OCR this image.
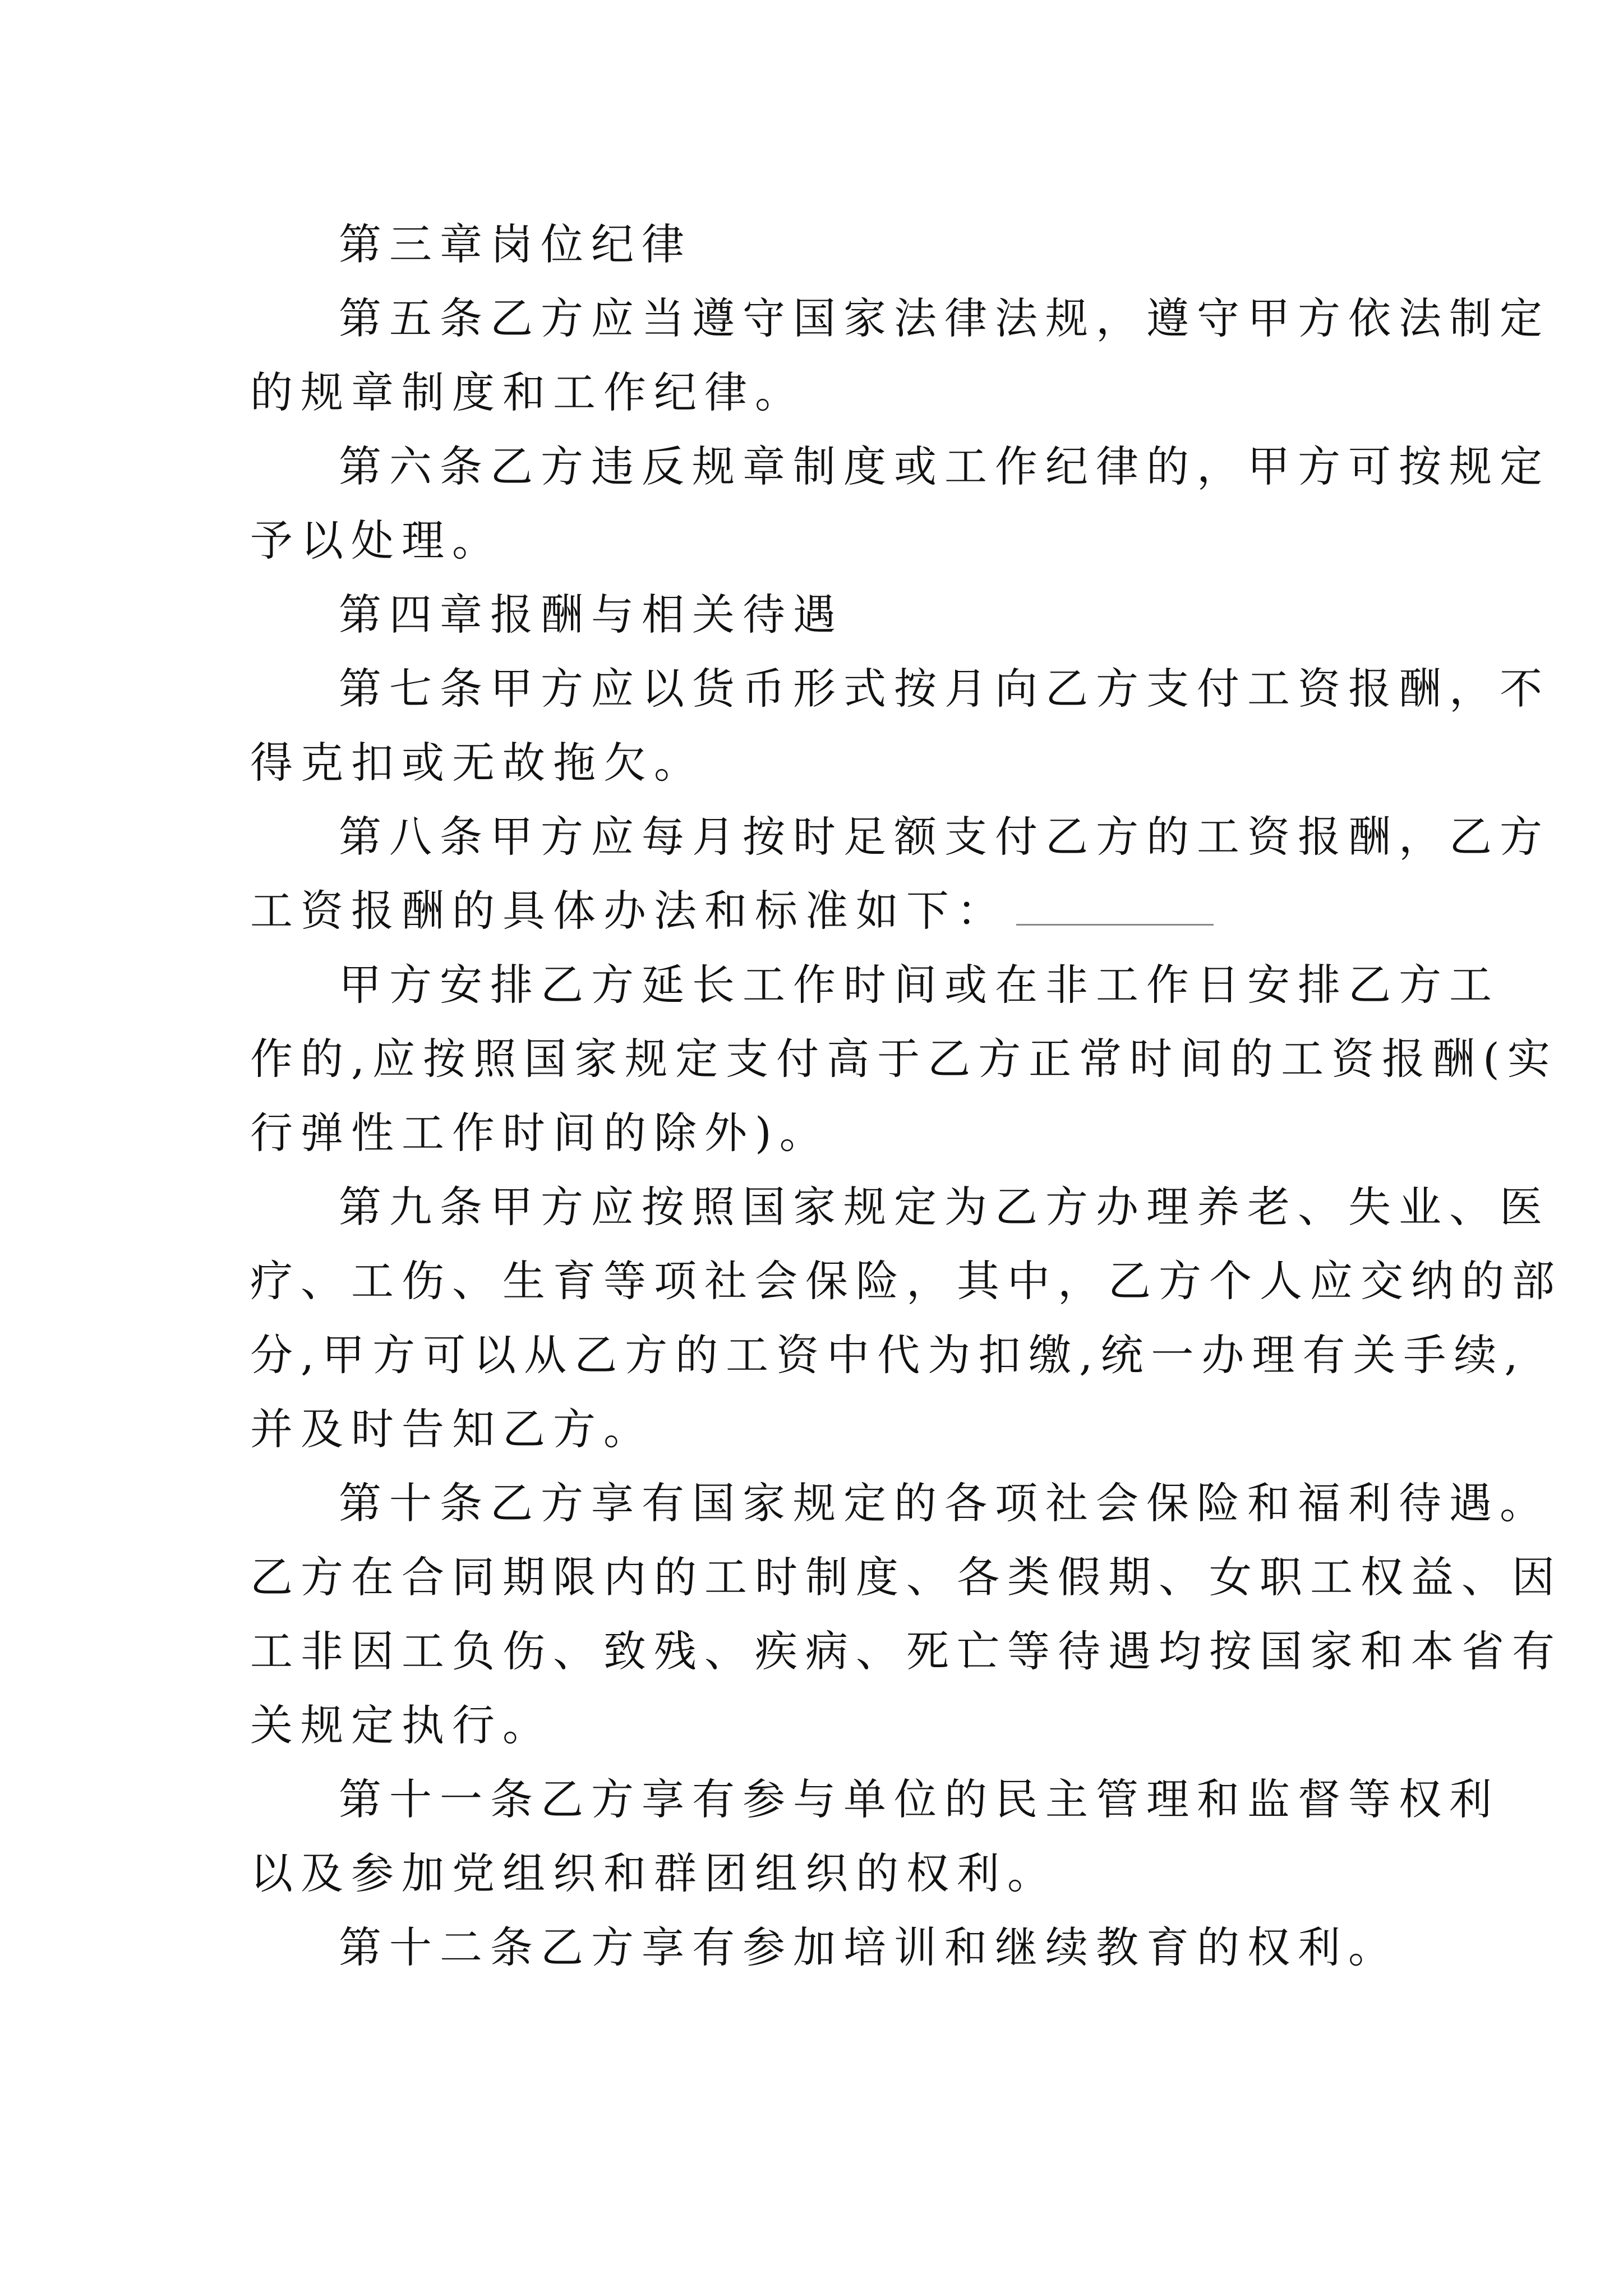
第三章岗位纪律
第五条乙方应当遵守国家法律法规，遵守甲方依法制定
的规章制度和工作纪律。
第六条乙方违反规章制度或工作纪律的，甲方可按规定
予以处理。
第四章报酬与相关待遇
第七条甲方应以货币形式按月向乙方支付工资报酬，不
得克扣或无故拖欠。
第八条甲方应每月按时足额支付乙方的工资报酬，乙方
工资报酬的具体办法和标准如下：
甲方安排乙方延长工作时间或在非工作日安排乙方工
作的,应按照国家规定支付高于乙方正常时间的工资报酬(实
行弹性工作时间的除外)。
第九条甲方应按照国家规定为乙方办理养老、失业、医
疗、工伤、生育等项社会保险，其中，乙方个人应交纳的部
分,甲方可以从乙方的工资中代为扣缴,统一办理有关手续,
并及时告知乙方。
第十条乙方享有国家规定的各项社会保险和福利待遇。
乙方在合同期限内的工时制度、各类假期、女职工权益、因
工非因工负伤、致残、疾病、死亡等待遇均按国家和本省有
关规定执行。
第十一条乙方享有参与单位的民主管理和监督等权利
以及参加党组织和群团组织的权利。
第十二条乙方享有参加培训和继续教育的权利。
